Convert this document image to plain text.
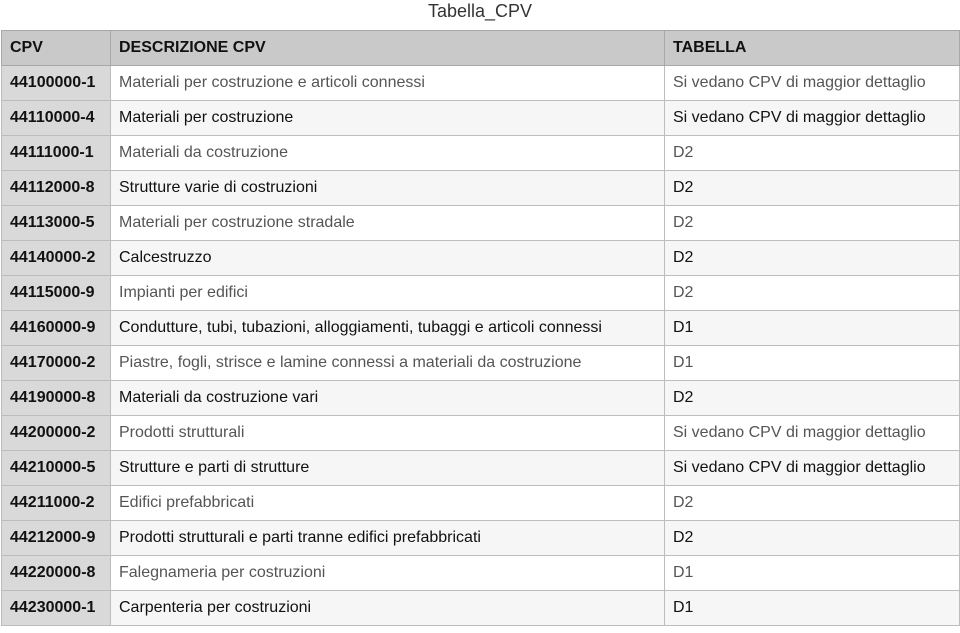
Tabella_CPV
CPV	DESCRIZIONE CPV	TABELLA
44100000-1	Materiali per costruzione e articoli connessi	Si vedano CPV di maggior dettaglio
44110000-4	Materiali per costruzione	Si vedano CPV di maggior dettaglio
44111000-1	Materiali da costruzione	D2
44112000-8	Strutture varie di costruzioni	D2
44113000-5	Materiali per costruzione stradale	D2
44140000-2	Calcestruzzo	D2
44115000-9	Impianti per edifici	D2
44160000-9	Condutture, tubi, tubazioni, alloggiamenti, tubaggi e articoli connessi	D1
44170000-2	Piastre, fogli, strisce e lamine connessi a materiali da costruzione	D1
44190000-8	Materiali da costruzione vari	D2
44200000-2	Prodotti strutturali	Si vedano CPV di maggior dettaglio
44210000-5	Strutture e parti di strutture	Si vedano CPV di maggior dettaglio
44211000-2	Edifici prefabbricati	D2
44212000-9	Prodotti strutturali e parti tranne edifici prefabbricati	D2
44220000-8	Falegnameria per costruzioni	D1
44230000-1	Carpenteria per costruzioni	D1
